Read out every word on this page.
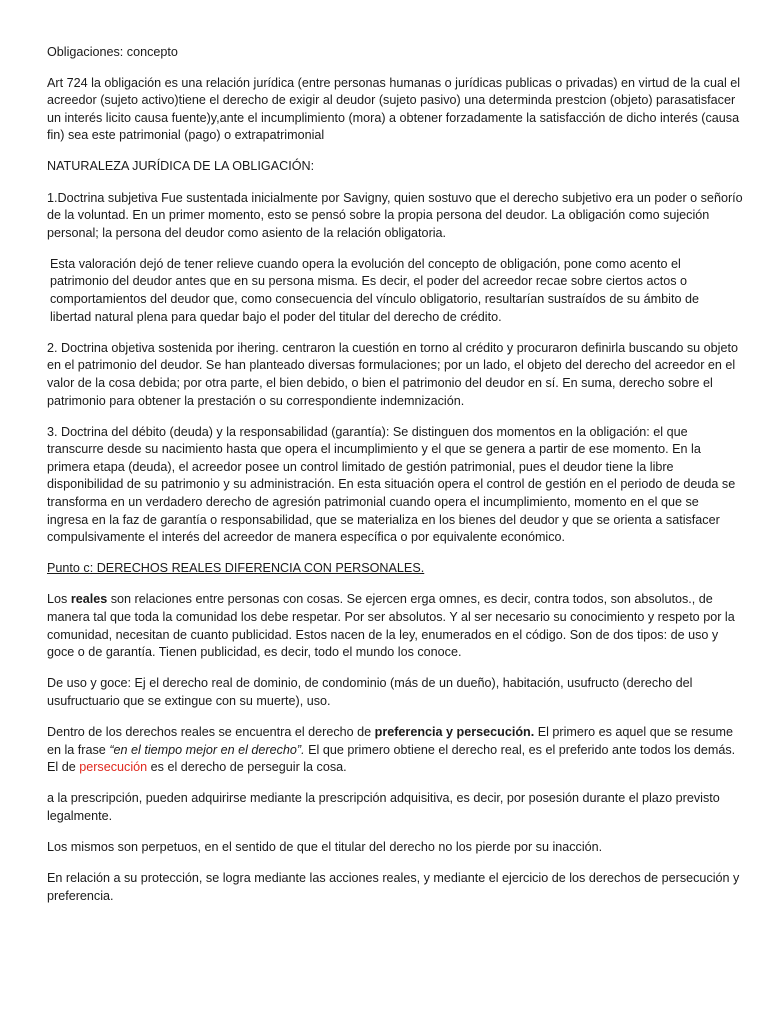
Obligaciones: concepto

Art 724 la obligación es una relación jurídica (entre personas humanas o jurídicas publicas o privadas) en virtud de la cual el acreedor (sujeto activo)tiene el derecho de exigir al deudor (sujeto pasivo) una determinda prestcion (objeto) parasatisfacer un interés licito causa fuente)y,ante el incumplimiento (mora) a obtener forzadamente la satisfacción de dicho interés (causa fin) sea este patrimonial (pago) o extrapatrimonial

NATURALEZA JURÍDICA DE LA OBLIGACIÓN:

1.Doctrina subjetiva Fue sustentada inicialmente por Savigny, quien sostuvo que el derecho subjetivo era un poder o señorío de la voluntad. En un primer momento, esto se pensó sobre la propia persona del deudor. La obligación como sujeción personal; la persona del deudor como asiento de la relación obligatoria.

Esta valoración dejó de tener relieve cuando opera la evolución del concepto de obligación, pone como acento el patrimonio del deudor antes que en su persona misma. Es decir, el poder del acreedor recae sobre ciertos actos o comportamientos del deudor que, como consecuencia del vínculo obligatorio, resultarían sustraídos de su ámbito de libertad natural plena para quedar bajo el poder del titular del derecho de crédito.

2. Doctrina objetiva sostenida por ihering. centraron la cuestión en torno al crédito y procuraron definirla buscando su objeto en el patrimonio del deudor. Se han planteado diversas formulaciones; por un lado, el objeto del derecho del acreedor en el valor de la cosa debida; por otra parte, el bien debido, o bien el patrimonio del deudor en sí. En suma, derecho sobre el patrimonio para obtener la prestación o su correspondiente indemnización.

3. Doctrina del débito (deuda) y la responsabilidad (garantía): Se distinguen dos momentos en la obligación: el que transcurre desde su nacimiento hasta que opera el incumplimiento y el que se genera a partir de ese momento. En la primera etapa (deuda), el acreedor posee un control limitado de gestión patrimonial, pues el deudor tiene la libre disponibilidad de su patrimonio y su administración. En esta situación opera el control de gestión en el periodo de deuda se transforma en un verdadero derecho de agresión patrimonial cuando opera el incumplimiento, momento en el que se ingresa en la faz de garantía o responsabilidad, que se materializa en los bienes del deudor y que se orienta a satisfacer compulsivamente el interés del acreedor de manera específica o por equivalente económico.

Punto c: DERECHOS REALES DIFERENCIA CON PERSONALES.

Los reales son relaciones entre personas con cosas. Se ejercen erga omnes, es decir, contra todos, son absolutos., de manera tal que toda la comunidad los debe respetar. Por ser absolutos. Y al ser necesario su conocimiento y respeto por la comunidad, necesitan de cuanto publicidad. Estos nacen de la ley, enumerados en el código. Son de dos tipos: de uso y goce o de garantía. Tienen publicidad, es decir, todo el mundo los conoce.

De uso y goce: Ej el derecho real de dominio, de condominio (más de un dueño), habitación, usufructo (derecho del usufructuario que se extingue con su muerte), uso.

Dentro de los derechos reales se encuentra el derecho de preferencia y persecución. El primero es aquel que se resume en la frase “en el tiempo mejor en el derecho”. El que primero obtiene el derecho real, es el preferido ante todos los demás. El de persecución es el derecho de perseguir la cosa.

a la prescripción, pueden adquirirse mediante la prescripción adquisitiva, es decir, por posesión durante el plazo previsto legalmente.

Los mismos son perpetuos, en el sentido de que el titular del derecho no los pierde por su inacción.

En relación a su protección, se logra mediante las acciones reales, y mediante el ejercicio de los derechos de persecución y preferencia.
